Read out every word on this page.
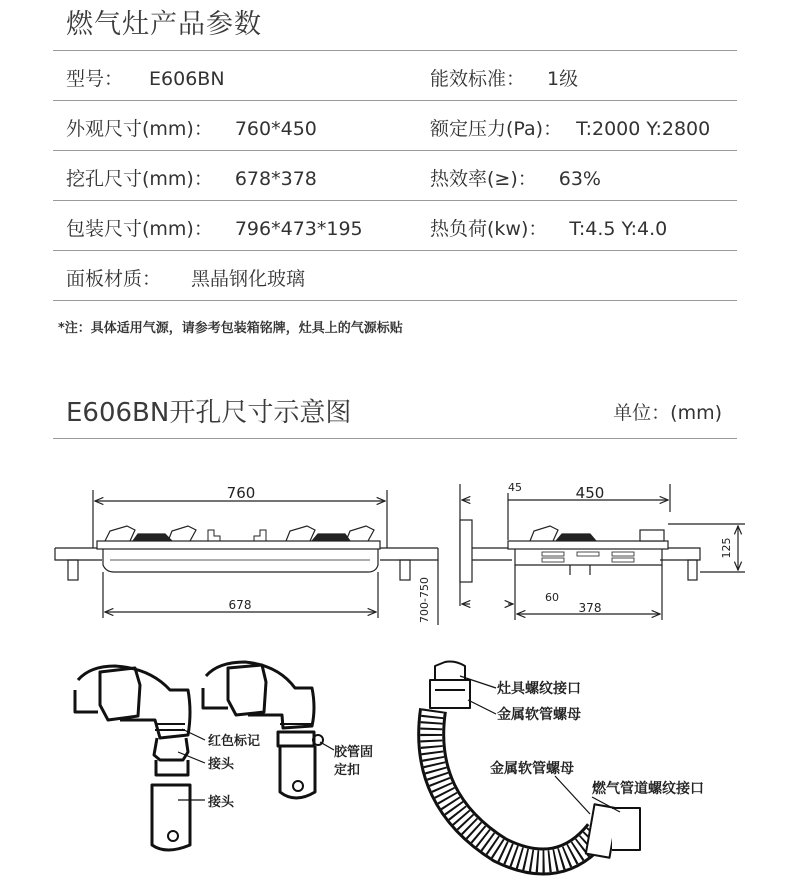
燃气灶产品参数
型号： E606BN	能效标准： 1级
外观尺寸(mm)： 760*450	额定压力(Pa)： T:2000 Y:2800
挖孔尺寸(mm)： 678*378	热效率(≥)： 63%
包装尺寸(mm)： 796*473*195	热负荷(kw)： T:4.5 Y:4.0
面板材质： 黑晶钢化玻璃
*注：具体适用气源，请参考包装箱铭牌，灶具上的气源标贴
E606BN开孔尺寸示意图	单位：(mm)
760
678	700-750
450
45
378
60
125
红色标记
接头
接头
胶管固
定扣
灶具螺纹接口
金属软管螺母
金属软管螺母
燃气管道螺纹接口
